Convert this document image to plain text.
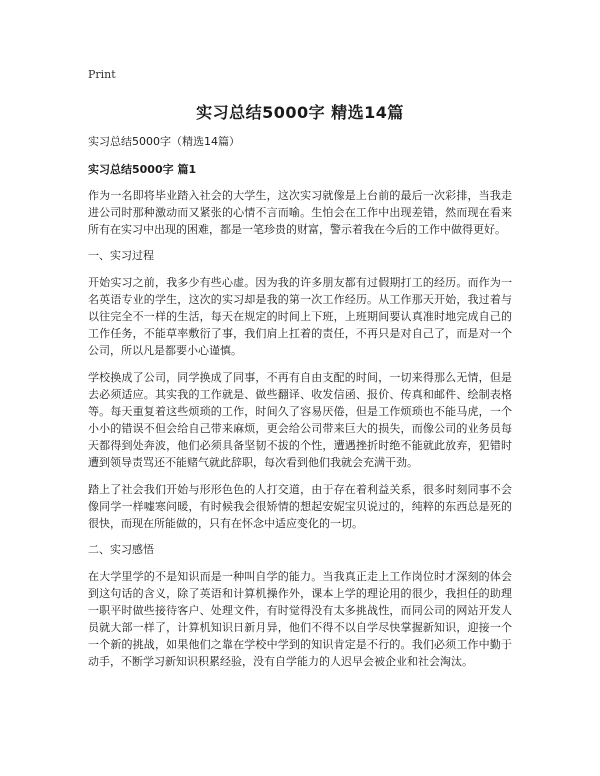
Print
实习总结5000字 精选14篇
实习总结5000字（精选14篇）
实习总结5000字 篇1

作为一名即将毕业踏入社会的大学生，这次实习就像是上台前的最后一次彩排，当我走进公司时那种激动而又紧张的心情不言而喻。生怕会在工作中出现差错，然而现在看来所有在实习中出现的困难，都是一笔珍贵的财富，警示着我在今后的工作中做得更好。

一、实习过程

开始实习之前，我多少有些心虚。因为我的许多朋友都有过假期打工的经历。而作为一名英语专业的学生，这次的实习却是我的第一次工作经历。从工作那天开始，我过着与以往完全不一样的生活，每天在规定的时间上下班，上班期间要认真准时地完成自己的工作任务，不能草率敷衍了事，我们肩上扛着的责任，不再只是对自己了，而是对一个公司，所以凡是都要小心谨慎。

学校换成了公司，同学换成了同事，不再有自由支配的时间，一切来得那么无情，但是去必须适应。其实我的工作就是、做些翻译、收发信函、报价、传真和邮件、绘制表格等。每天重复着这些烦琐的工作，时间久了容易厌倦，但是工作烦琐也不能马虎，一个小小的错误不但会给自己带来麻烦，更会给公司带来巨大的损失，而像公司的业务员每天都得到处奔波，他们必须具备坚韧不拔的个性，遭遇挫折时绝不能就此放弃，犯错时遭到领导责骂还不能赌气就此辞职，每次看到他们我就会充满干劲。

踏上了社会我们开始与形形色色的人打交道，由于存在着利益关系，很多时刻同事不会像同学一样嘘寒问暖，有时候我会很矫情的想起安妮宝贝说过的，纯粹的东西总是死的很快，而现在所能做的，只有在怀念中适应变化的一切。

二、实习感悟

在大学里学的不是知识而是一种叫自学的能力。当我真正走上工作岗位时才深刻的体会到这句话的含义，除了英语和计算机操作外，课本上学的理论用的很少，我担任的助理一职平时做些接待客户、处理文件，有时觉得没有太多挑战性，而同公司的网站开发人员就大部一样了，计算机知识日新月异，他们不得不以自学尽快掌握新知识，迎接一个一个新的挑战，如果他们之靠在学校中学到的知识肯定是不行的。我们必须工作中勤于动手，不断学习新知识积累经验，没有自学能力的人迟早会被企业和社会淘汰。
